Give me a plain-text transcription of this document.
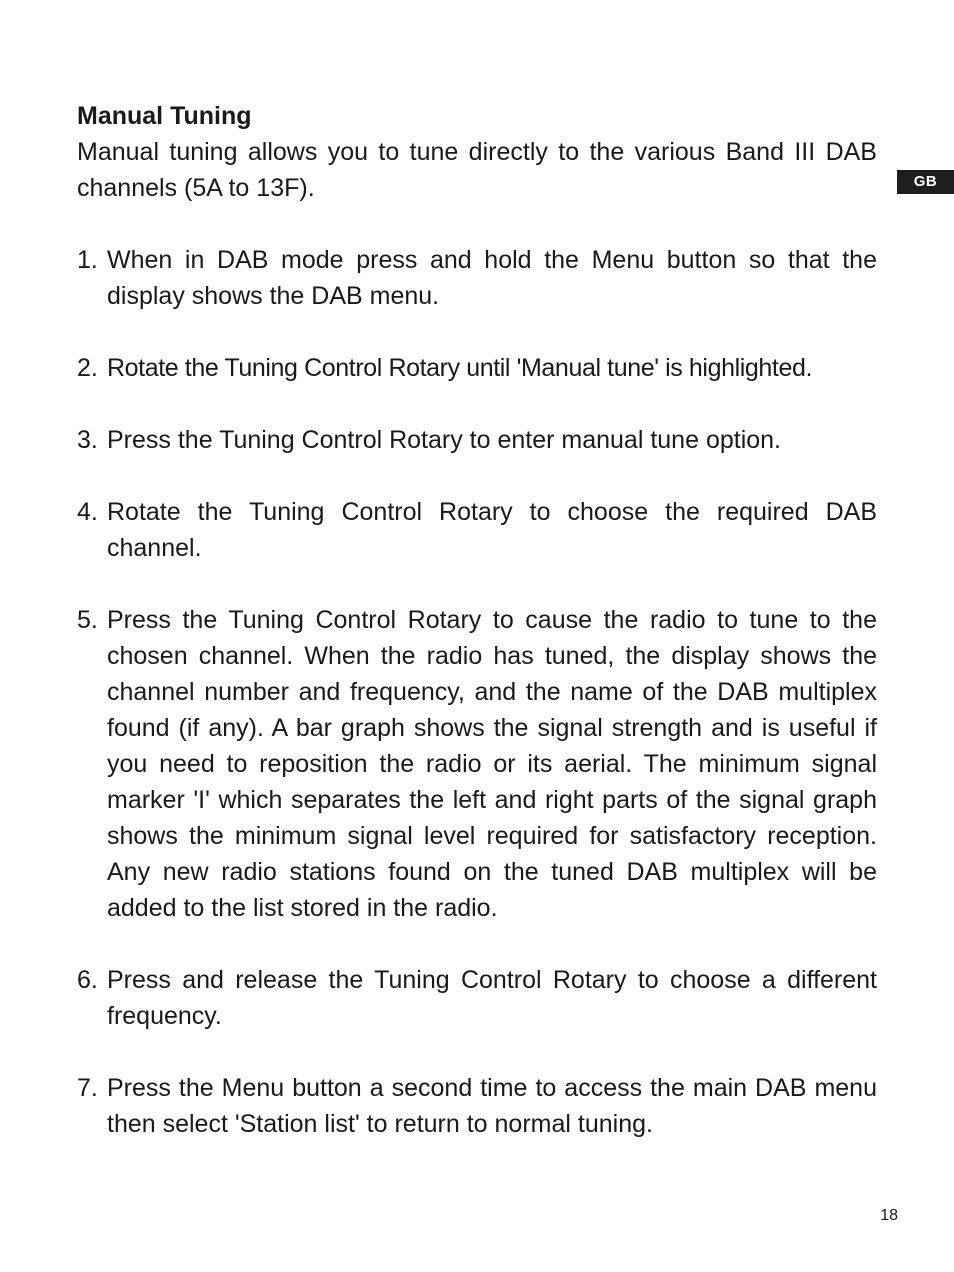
GB
Manual Tuning

Manual tuning allows you to tune directly to the various Band III DAB channels (5A to 13F).

1. When in DAB mode press and hold the Menu button so that the display shows the DAB menu.
2. Rotate the Tuning Control Rotary until 'Manual tune' is highlighted.
3. Press the Tuning Control Rotary to enter manual tune option.
4. Rotate the Tuning Control Rotary to choose the required DAB channel.
5. Press the Tuning Control Rotary to cause the radio to tune to the chosen channel. When the radio has tuned, the display shows the channel number and frequency, and the name of the DAB multiplex found (if any). A bar graph shows the signal strength and is useful if you need to reposition the radio or its aerial. The minimum signal marker 'I' which separates the left and right parts of the signal graph shows the minimum signal level required for satisfactory reception. Any new radio stations found on the tuned DAB multiplex will be added to the list stored in the radio.
6. Press and release the Tuning Control Rotary to choose a different frequency.
7. Press the Menu button a second time to access the main DAB menu then select 'Station list' to return to normal tuning.
18
